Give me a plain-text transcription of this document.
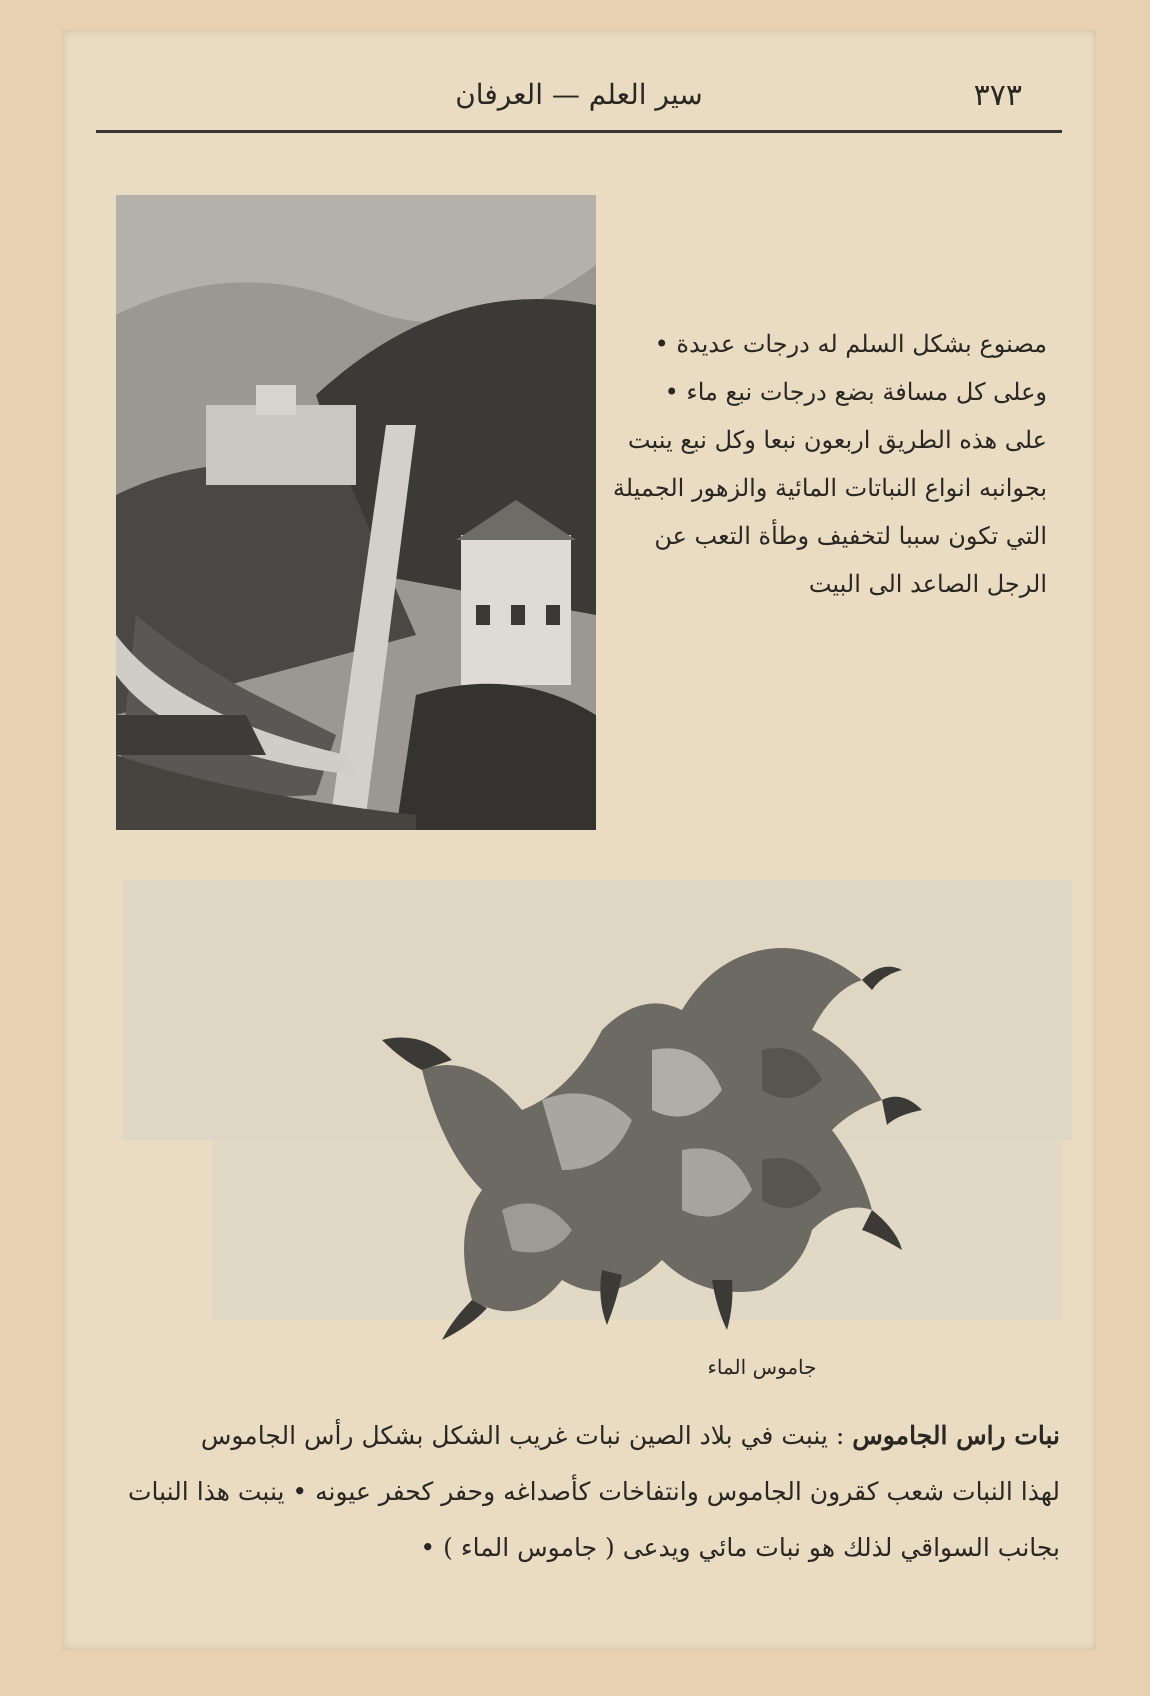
٣٧٣
سير العلم — العرفان

مصنوع بشكل السلم له درجات عديدة •

وعلى كل مسافة بضع درجات نبع ماء •

على هذه الطريق اربعون نبعا وكل نبع ينبت

بجوانبه انواع النباتات المائية والزهور الجميلة

التي تكون سببا لتخفيف وطأة التعب عن

الرجل الصاعد الى البيت

جاموس الماء

نبات راس الجاموس : ينبت في بلاد الصين نبات غريب الشكل بشكل رأس الجاموس

لهذا النبات شعب كقرون الجاموس وانتفاخات كأصداغه وحفر كحفر عيونه • ينبت هذا النبات

بجانب السواقي لذلك هو نبات مائي ويدعى ( جاموس الماء ) •
